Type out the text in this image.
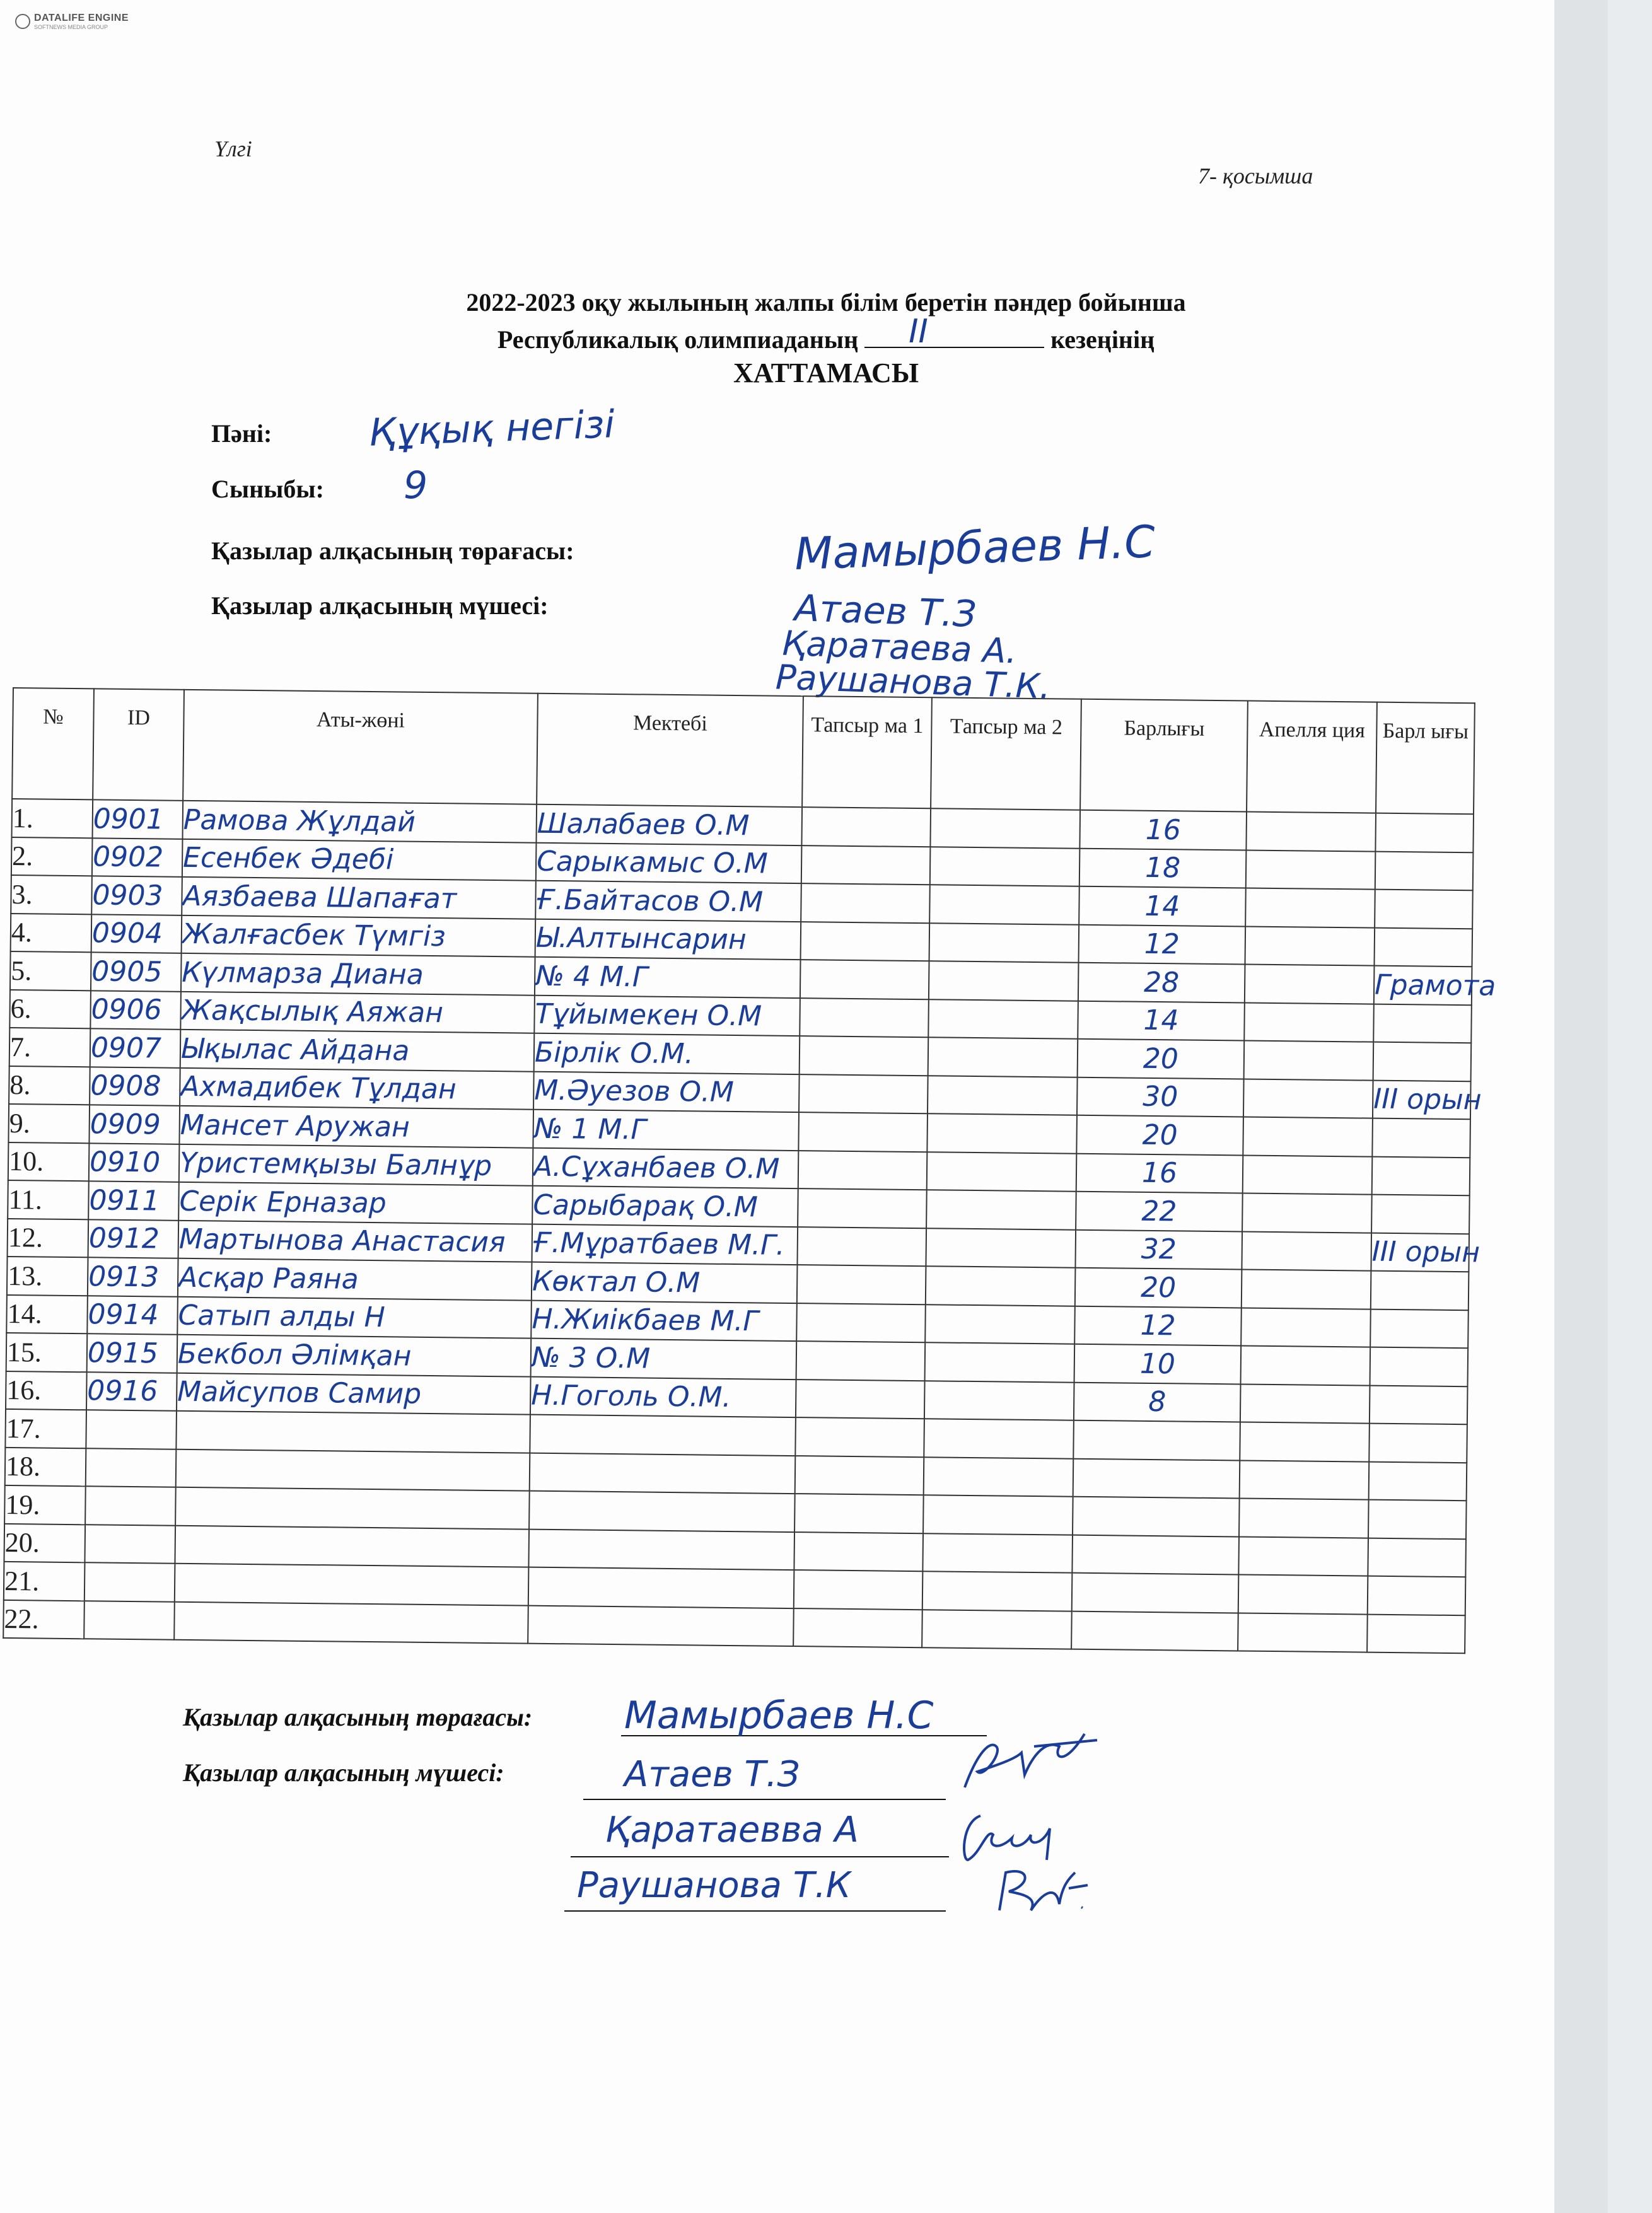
DATALIFE ENGINE
SOFTNEWS MEDIA GROUP
Үлгі
7- қосымша
2022-2023 оқу жылының жалпы білім беретін пәндер бойынша
Республикалық олимпиаданың II	кезеңінің
ХАТТАМАСЫ
Пәні:	Құқық негізі
Сыныбы: 9
Қазылар алқасының төрағасы:	Мамырбаев Н.С
Қазылар алқасының мүшесі:	Атаев Т.З
Қаратаева А.
Раушанова Т.К.
№	ID	Аты-жөні	Мектебі	Тапсыр ма 1	Тапсыр ма 2	Барлығы	Апелля ция	Барл ығы
1.	0901	Рамова Жұлдай	Шалабаев О.М			16		
2.	0902	Есенбек Әдебі	Сарыкамыс О.М			18		
3.	0903	Аязбаева Шапағат	Ғ.Байтасов О.М			14		
4.	0904	Жалғасбек Түмгіз	Ы.Алтынсарин			12		
5.	0905	Күлмарза Диана	№ 4 М.Г			28		Грамота
6.	0906	Жақсылық Аяжан	Тұйымекен О.М			14		
7.	0907	Ықылас Айдана	Бірлік О.М.			20		
8.	0908	Ахмадибек Тұлдан	М.Әуезов О.М			30		III орын
9.	0909	Мансет Аружан	№ 1 М.Г			20		
10.	0910	Үристемқызы Балнұр	А.Сұханбаев О.М			16		
11.	0911	Серік Ерназар	Сарыбарақ О.М			22		
12.	0912	Мартынова Анастасия	Ғ.Мұратбаев М.Г.			32		III орын
13.	0913	Асқар Раяна	Көктал О.М			20		
14.	0914	Сатып алды Н	Н.Жиікбаев М.Г			12		
15.	0915	Бекбол Әлімқан	№ 3 О.М			10		
16.	0916	Майсупов Самир	Н.Гоголь О.М.			8		
17.								
18.								
19.								
20.								
21.								
22.								
Қазылар алқасының төрағасы: Мамырбаев Н.С
Қазылар алқасының мүшесі:	Атаев Т.З
Қаратаевва А
Раушанова Т.К
